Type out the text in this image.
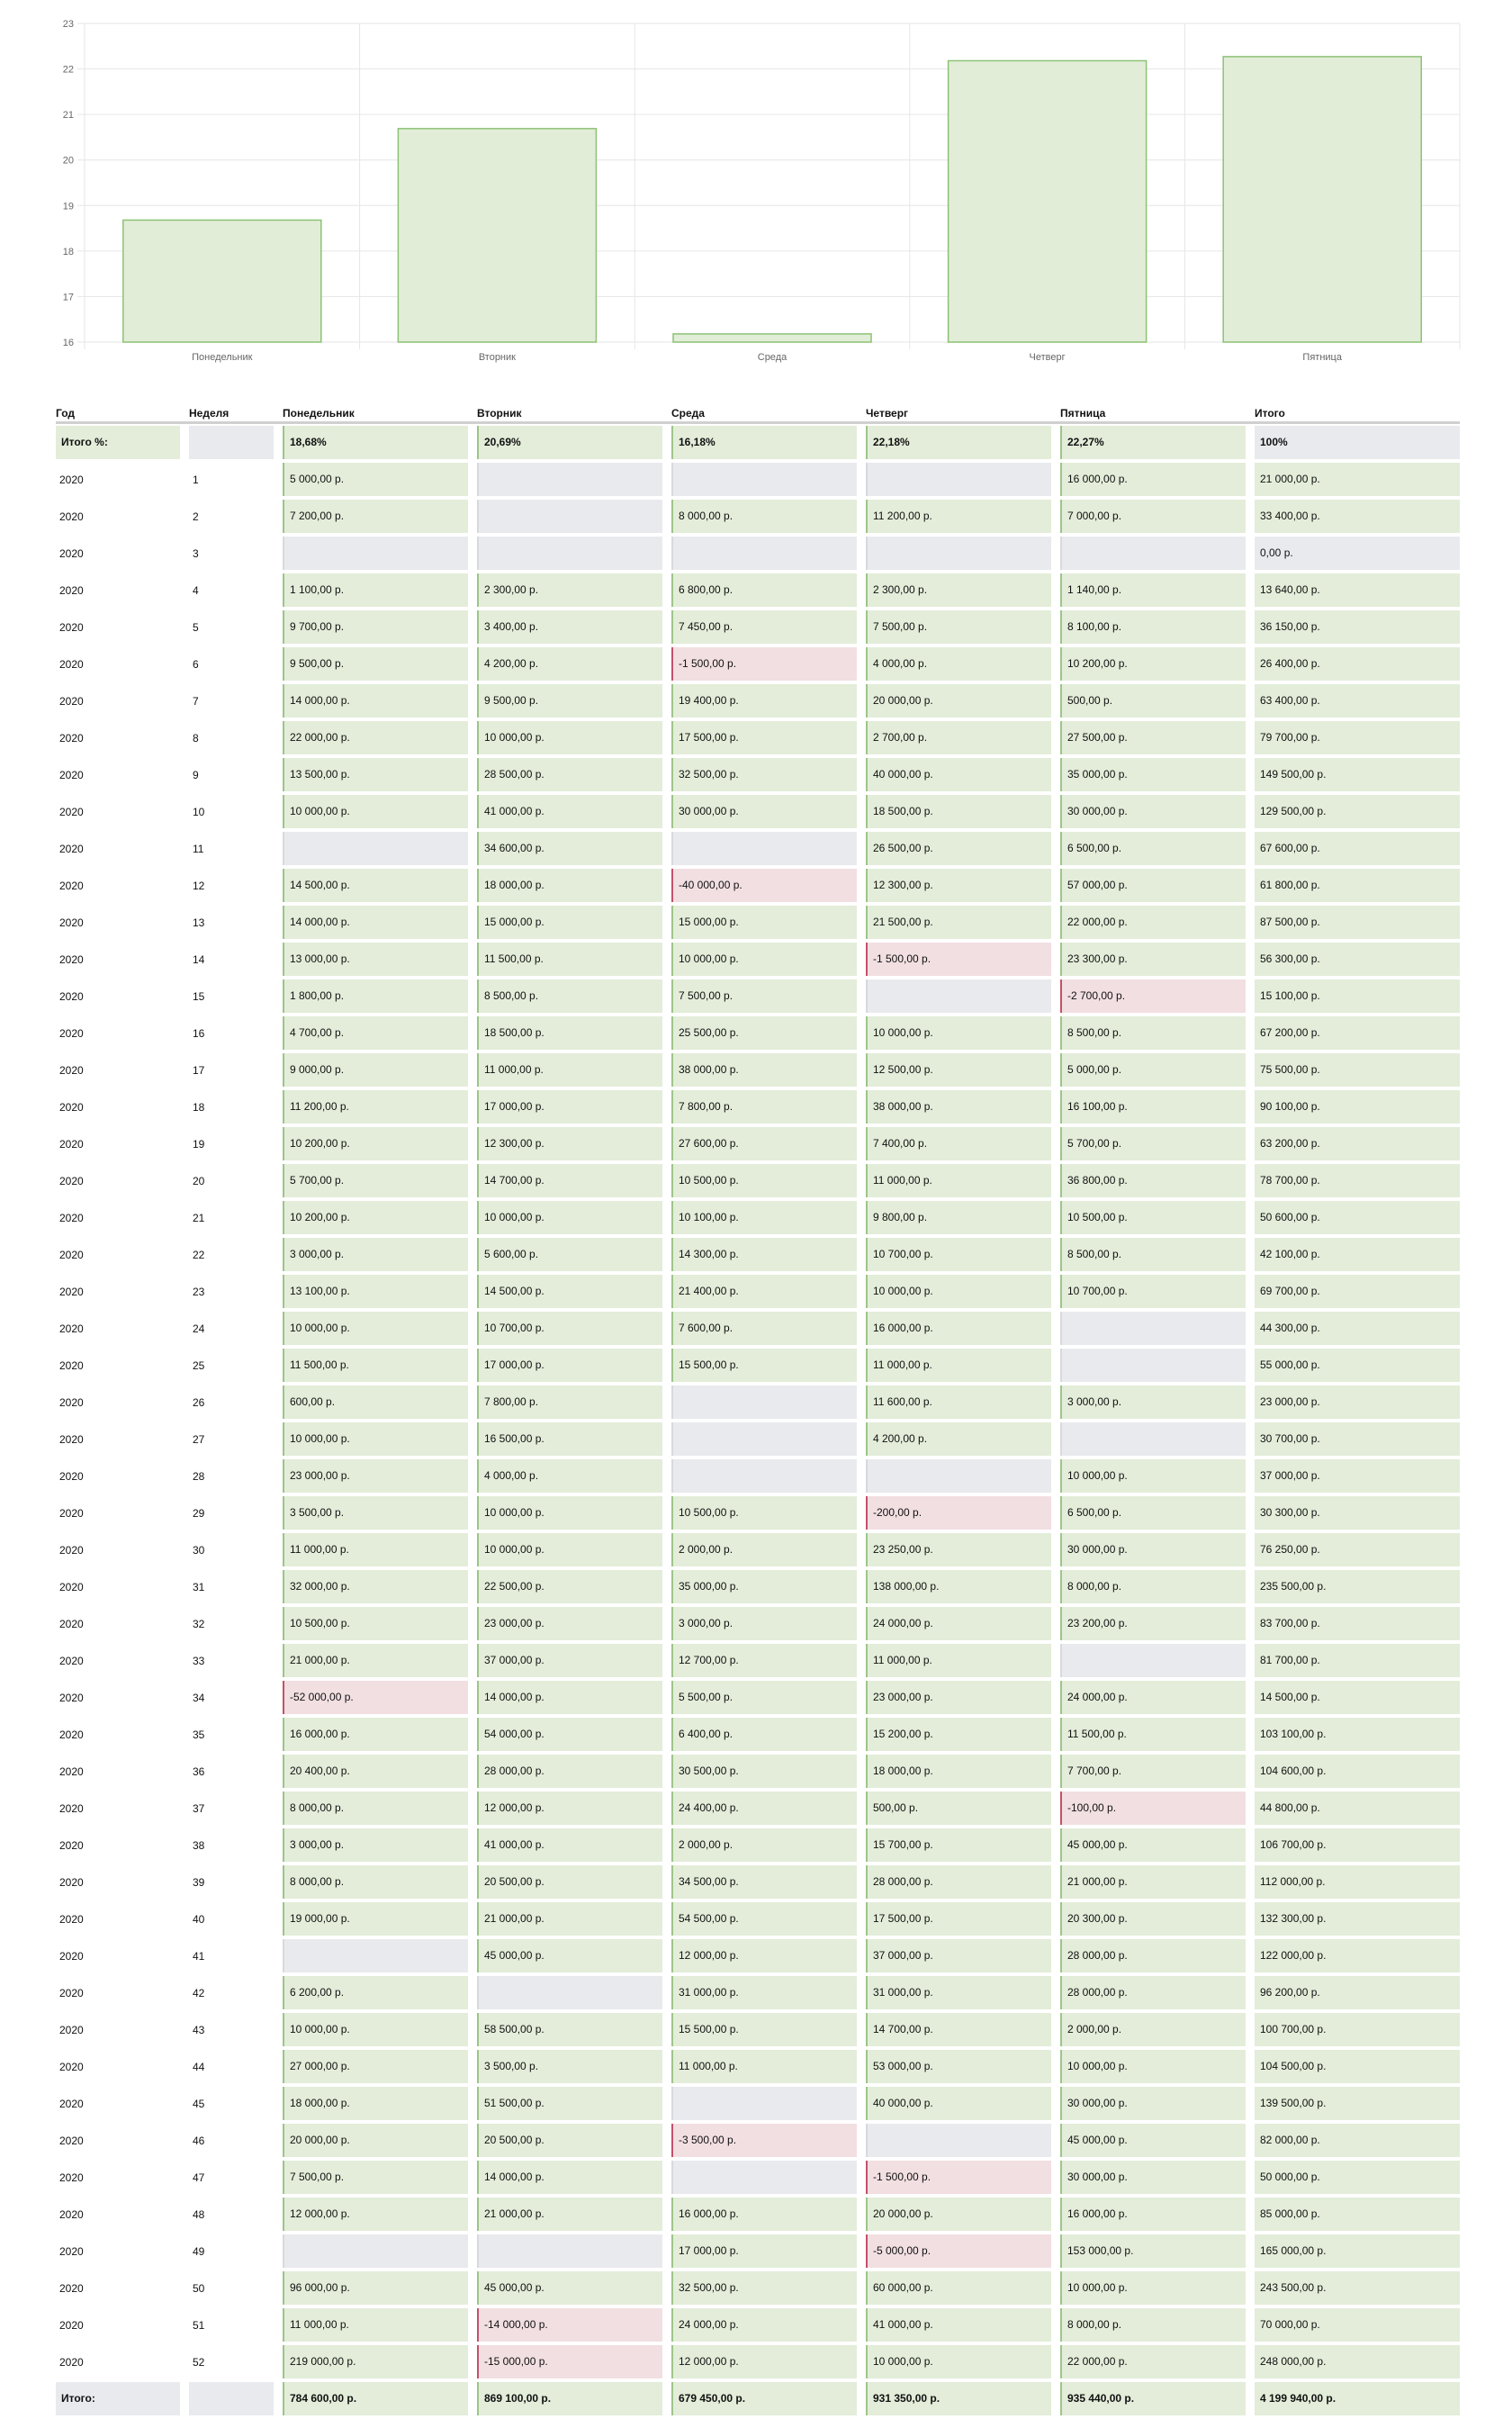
16
17
18
19
20
21
22
23
Понедельник	Вторник	Среда	Четверг	Пятница
Год	Неделя	Понедельник	Вторник	Среда	Четверг	Пятница	Итого

Итого %:		18,68%	20,69%	16,18%	22,18%	22,27%	100%

2020	1	5 000,00 р.				16 000,00 р.	21 000,00 р.

2020	2	7 200,00 р.		8 000,00 р.	11 200,00 р.	7 000,00 р.	33 400,00 р.

2020	3						0,00 р.

2020	4	1 100,00 р.	2 300,00 р.	6 800,00 р.	2 300,00 р.	1 140,00 р.	13 640,00 р.

2020	5	9 700,00 р.	3 400,00 р.	7 450,00 р.	7 500,00 р.	8 100,00 р.	36 150,00 р.

2020	6	9 500,00 р.	4 200,00 р.	-1 500,00 р.	4 000,00 р.	10 200,00 р.	26 400,00 р.

2020	7	14 000,00 р.	9 500,00 р.	19 400,00 р.	20 000,00 р.	500,00 р.	63 400,00 р.

2020	8	22 000,00 р.	10 000,00 р.	17 500,00 р.	2 700,00 р.	27 500,00 р.	79 700,00 р.

2020	9	13 500,00 р.	28 500,00 р.	32 500,00 р.	40 000,00 р.	35 000,00 р.	149 500,00 р.

2020	10	10 000,00 р.	41 000,00 р.	30 000,00 р.	18 500,00 р.	30 000,00 р.	129 500,00 р.

2020	11		34 600,00 р.		26 500,00 р.	6 500,00 р.	67 600,00 р.

2020	12	14 500,00 р.	18 000,00 р.	-40 000,00 р.	12 300,00 р.	57 000,00 р.	61 800,00 р.

2020	13	14 000,00 р.	15 000,00 р.	15 000,00 р.	21 500,00 р.	22 000,00 р.	87 500,00 р.

2020	14	13 000,00 р.	11 500,00 р.	10 000,00 р.	-1 500,00 р.	23 300,00 р.	56 300,00 р.

2020	15	1 800,00 р.	8 500,00 р.	7 500,00 р.		-2 700,00 р.	15 100,00 р.

2020	16	4 700,00 р.	18 500,00 р.	25 500,00 р.	10 000,00 р.	8 500,00 р.	67 200,00 р.

2020	17	9 000,00 р.	11 000,00 р.	38 000,00 р.	12 500,00 р.	5 000,00 р.	75 500,00 р.

2020	18	11 200,00 р.	17 000,00 р.	7 800,00 р.	38 000,00 р.	16 100,00 р.	90 100,00 р.

2020	19	10 200,00 р.	12 300,00 р.	27 600,00 р.	7 400,00 р.	5 700,00 р.	63 200,00 р.

2020	20	5 700,00 р.	14 700,00 р.	10 500,00 р.	11 000,00 р.	36 800,00 р.	78 700,00 р.

2020	21	10 200,00 р.	10 000,00 р.	10 100,00 р.	9 800,00 р.	10 500,00 р.	50 600,00 р.

2020	22	3 000,00 р.	5 600,00 р.	14 300,00 р.	10 700,00 р.	8 500,00 р.	42 100,00 р.

2020	23	13 100,00 р.	14 500,00 р.	21 400,00 р.	10 000,00 р.	10 700,00 р.	69 700,00 р.

2020	24	10 000,00 р.	10 700,00 р.	7 600,00 р.	16 000,00 р.		44 300,00 р.

2020	25	11 500,00 р.	17 000,00 р.	15 500,00 р.	11 000,00 р.		55 000,00 р.

2020	26	600,00 р.	7 800,00 р.		11 600,00 р.	3 000,00 р.	23 000,00 р.

2020	27	10 000,00 р.	16 500,00 р.		4 200,00 р.		30 700,00 р.

2020	28	23 000,00 р.	4 000,00 р.			10 000,00 р.	37 000,00 р.

2020	29	3 500,00 р.	10 000,00 р.	10 500,00 р.	-200,00 р.	6 500,00 р.	30 300,00 р.

2020	30	11 000,00 р.	10 000,00 р.	2 000,00 р.	23 250,00 р.	30 000,00 р.	76 250,00 р.

2020	31	32 000,00 р.	22 500,00 р.	35 000,00 р.	138 000,00 р.	8 000,00 р.	235 500,00 р.

2020	32	10 500,00 р.	23 000,00 р.	3 000,00 р.	24 000,00 р.	23 200,00 р.	83 700,00 р.

2020	33	21 000,00 р.	37 000,00 р.	12 700,00 р.	11 000,00 р.		81 700,00 р.

2020	34	-52 000,00 р.	14 000,00 р.	5 500,00 р.	23 000,00 р.	24 000,00 р.	14 500,00 р.

2020	35	16 000,00 р.	54 000,00 р.	6 400,00 р.	15 200,00 р.	11 500,00 р.	103 100,00 р.

2020	36	20 400,00 р.	28 000,00 р.	30 500,00 р.	18 000,00 р.	7 700,00 р.	104 600,00 р.

2020	37	8 000,00 р.	12 000,00 р.	24 400,00 р.	500,00 р.	-100,00 р.	44 800,00 р.

2020	38	3 000,00 р.	41 000,00 р.	2 000,00 р.	15 700,00 р.	45 000,00 р.	106 700,00 р.

2020	39	8 000,00 р.	20 500,00 р.	34 500,00 р.	28 000,00 р.	21 000,00 р.	112 000,00 р.

2020	40	19 000,00 р.	21 000,00 р.	54 500,00 р.	17 500,00 р.	20 300,00 р.	132 300,00 р.

2020	41		45 000,00 р.	12 000,00 р.	37 000,00 р.	28 000,00 р.	122 000,00 р.

2020	42	6 200,00 р.		31 000,00 р.	31 000,00 р.	28 000,00 р.	96 200,00 р.

2020	43	10 000,00 р.	58 500,00 р.	15 500,00 р.	14 700,00 р.	2 000,00 р.	100 700,00 р.

2020	44	27 000,00 р.	3 500,00 р.	11 000,00 р.	53 000,00 р.	10 000,00 р.	104 500,00 р.

2020	45	18 000,00 р.	51 500,00 р.		40 000,00 р.	30 000,00 р.	139 500,00 р.

2020	46	20 000,00 р.	20 500,00 р.	-3 500,00 р.		45 000,00 р.	82 000,00 р.

2020	47	7 500,00 р.	14 000,00 р.		-1 500,00 р.	30 000,00 р.	50 000,00 р.

2020	48	12 000,00 р.	21 000,00 р.	16 000,00 р.	20 000,00 р.	16 000,00 р.	85 000,00 р.

2020	49			17 000,00 р.	-5 000,00 р.	153 000,00 р.	165 000,00 р.

2020	50	96 000,00 р.	45 000,00 р.	32 500,00 р.	60 000,00 р.	10 000,00 р.	243 500,00 р.

2020	51	11 000,00 р.	-14 000,00 р.	24 000,00 р.	41 000,00 р.	8 000,00 р.	70 000,00 р.

2020	52	219 000,00 р.	-15 000,00 р.	12 000,00 р.	10 000,00 р.	22 000,00 р.	248 000,00 р.

Итого:		784 600,00 р.	869 100,00 р.	679 450,00 р.	931 350,00 р.	935 440,00 р.	4 199 940,00 р.
